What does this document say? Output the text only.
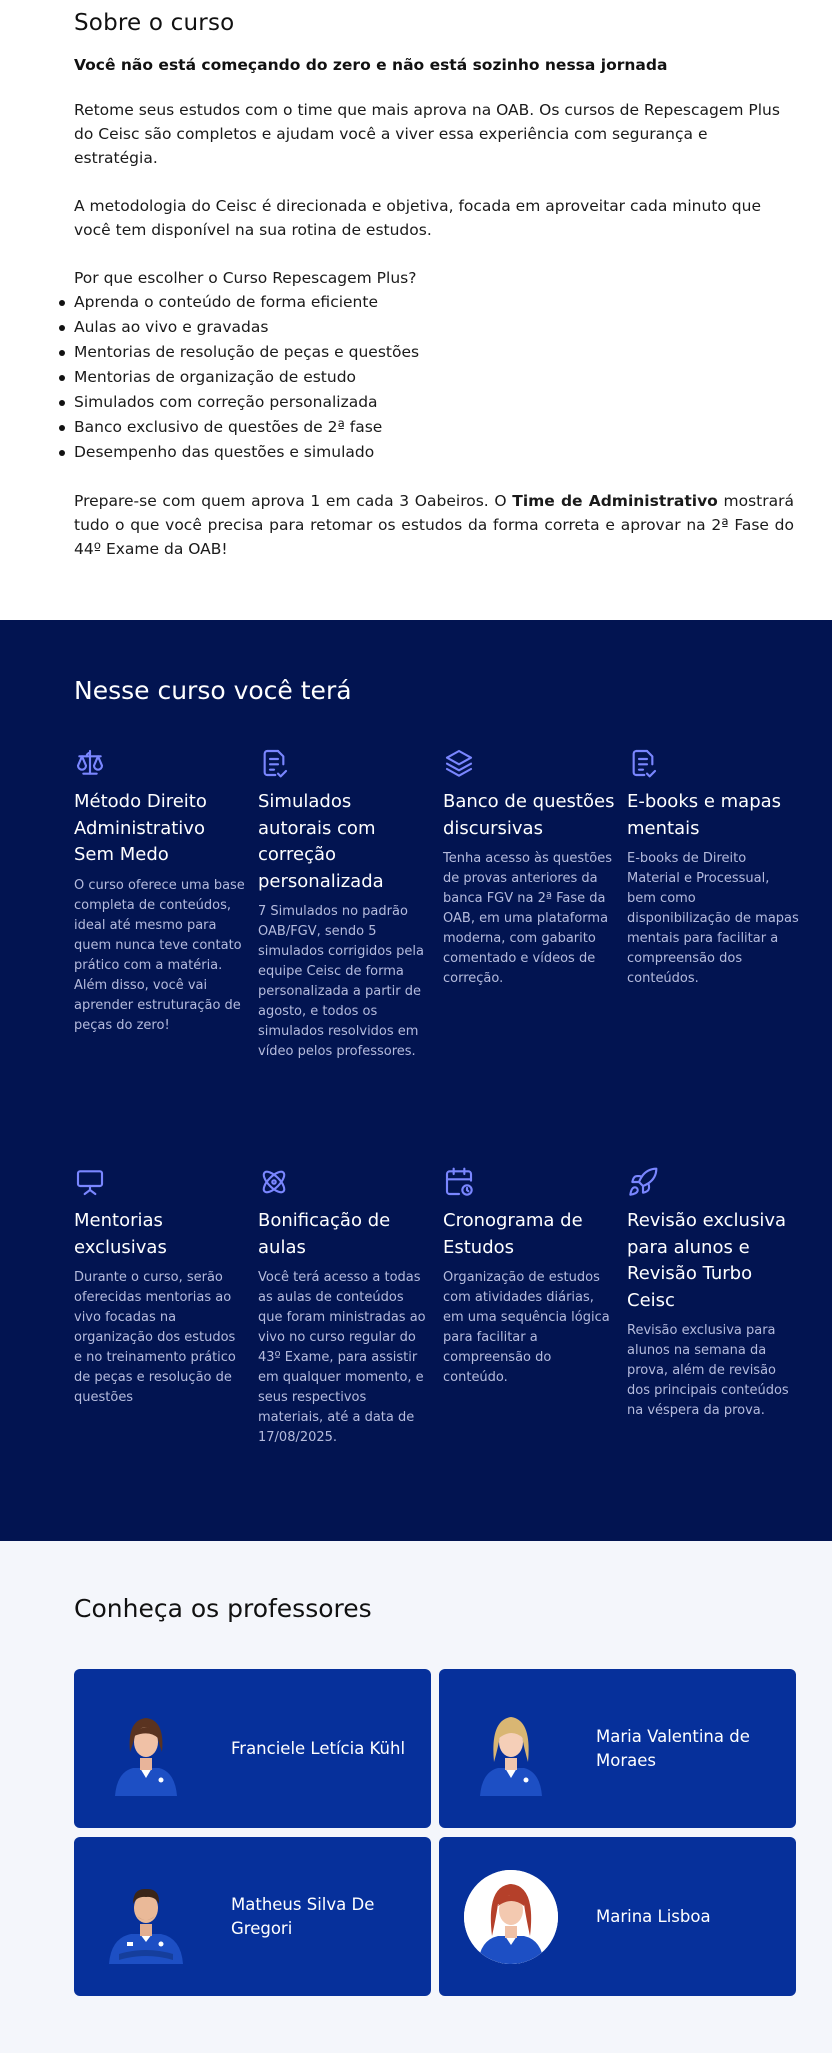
Sobre o curso
Você não está começando do zero e não está sozinho nessa jornada

Retome seus estudos com o time que mais aprova na OAB. Os cursos de Repescagem Plus do Ceisc são completos e ajudam você a viver essa experiência com segurança e estratégia.

A metodologia do Ceisc é direcionada e objetiva, focada em aproveitar cada minuto que você tem disponível na sua rotina de estudos.

Por que escolher o Curso Repescagem Plus?

Aprenda o conteúdo de forma eficiente
Aulas ao vivo e gravadas
Mentorias de resolução de peças e questões
Mentorias de organização de estudo
Simulados com correção personalizada
Banco exclusivo de questões de 2ª fase
Desempenho das questões e simulado

Prepare-se com quem aprova 1 em cada 3 Oabeiros. O Time de Administrativo mostrará tudo o que você precisa para retomar os estudos da forma correta e aprovar na 2ª Fase do 44º Exame da OAB!

Nesse curso você terá
Método Direito Administrativo Sem Medo

O curso oferece uma base completa de conteúdos, ideal até mesmo para quem nunca teve contato prático com a matéria. Além disso, você vai aprender estruturação de peças do zero!

Simulados autorais com correção personalizada

7 Simulados no padrão OAB/FGV, sendo 5 simulados corrigidos pela equipe Ceisc de forma personalizada a partir de agosto, e todos os simulados resolvidos em vídeo pelos professores.

Banco de questões discursivas

Tenha acesso às questões de provas anteriores da banca FGV na 2ª Fase da OAB, em uma plataforma moderna, com gabarito comentado e vídeos de correção.

E-books e mapas mentais

E-books de Direito Material e Processual, bem como disponibilização de mapas mentais para facilitar a compreensão dos conteúdos.

Mentorias exclusivas

Durante o curso, serão oferecidas mentorias ao vivo focadas na organização dos estudos e no treinamento prático de peças e resolução de questões

Bonificação de aulas

Você terá acesso a todas as aulas de conteúdos que foram ministradas ao vivo no curso regular do 43º Exame, para assistir em qualquer momento, e seus respectivos materiais, até a data de 17/08/2025.

Cronograma de Estudos

Organização de estudos com atividades diárias, em uma sequência lógica para facilitar a compreensão do conteúdo.

Revisão exclusiva para alunos e Revisão Turbo Ceisc

Revisão exclusiva para alunos na semana da prova, além de revisão dos principais conteúdos na véspera da prova.

Conheça os professores
Franciele Letícia Kühl
Maria Valentina de Moraes
Matheus Silva De Gregori
Marina Lisboa
